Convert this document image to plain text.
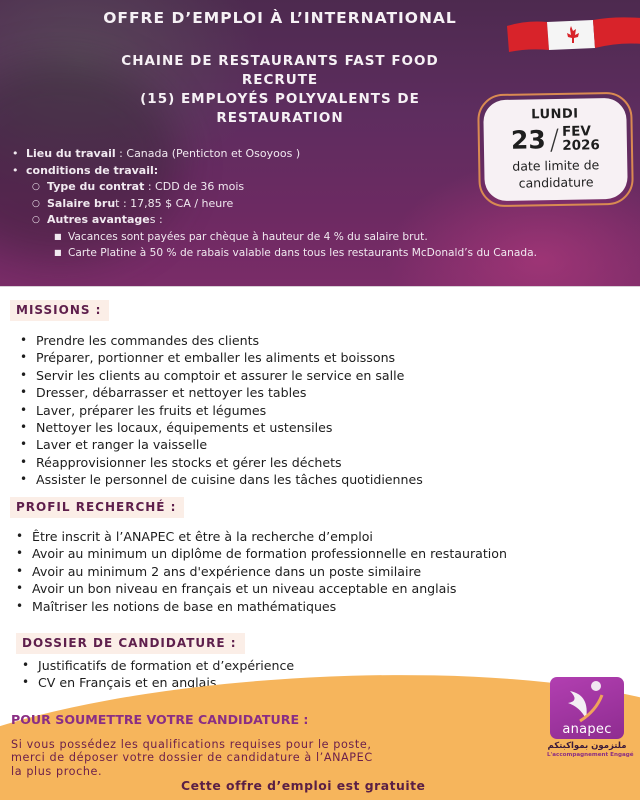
OFFRE D’EMPLOI À L’INTERNATIONAL
CHAINE DE RESTAURANTS FAST FOOD
RECRUTE
(15) EMPLOYÉS POLYVALENTS DE
RESTAURATION	LUNDI
23 / FEV
2026
date limite de
candidature
• Lieu du travail : Canada (Penticton et Osoyoos )
• conditions de travail:
○ Type du contrat : CDD de 36 mois
○ Salaire brut : 17,85 $ CA / heure
○ Autres avantages :
■ Vacances sont payées par chèque à hauteur de 4 % du salaire brut.
■ Carte Platine à 50 % de rabais valable dans tous les restaurants McDonald’s du Canada.
MISSIONS :
• Prendre les commandes des clients
• Préparer, portionner et emballer les aliments et boissons
• Servir les clients au comptoir et assurer le service en salle
• Dresser, débarrasser et nettoyer les tables
• Laver, préparer les fruits et légumes
• Nettoyer les locaux, équipements et ustensiles
• Laver et ranger la vaisselle
• Réapprovisionner les stocks et gérer les déchets
• Assister le personnel de cuisine dans les tâches quotidiennes
PROFIL RECHERCHÉ :
• Être inscrit à l’ANAPEC et être à la recherche d’emploi
• Avoir au minimum un diplôme de formation professionnelle en restauration
• Avoir au minimum 2 ans d'expérience dans un poste similaire
• Avoir un bon niveau en français et un niveau acceptable en anglais
• Maîtriser les notions de base en mathématiques
DOSSIER DE CANDIDATURE :
• Justificatifs de formation et d’expérience
• CV en Français et en anglais
POUR SOUMETTRE VOTRE CANDIDATURE :
Si vous possédez les qualifications requises pour le poste,
merci de déposer votre dossier de candidature à l’ANAPEC
la plus proche.
Cette offre d’emploi est gratuite
anapec
ملتزمون بمواكبتكم
L'accompagnement Engagé
